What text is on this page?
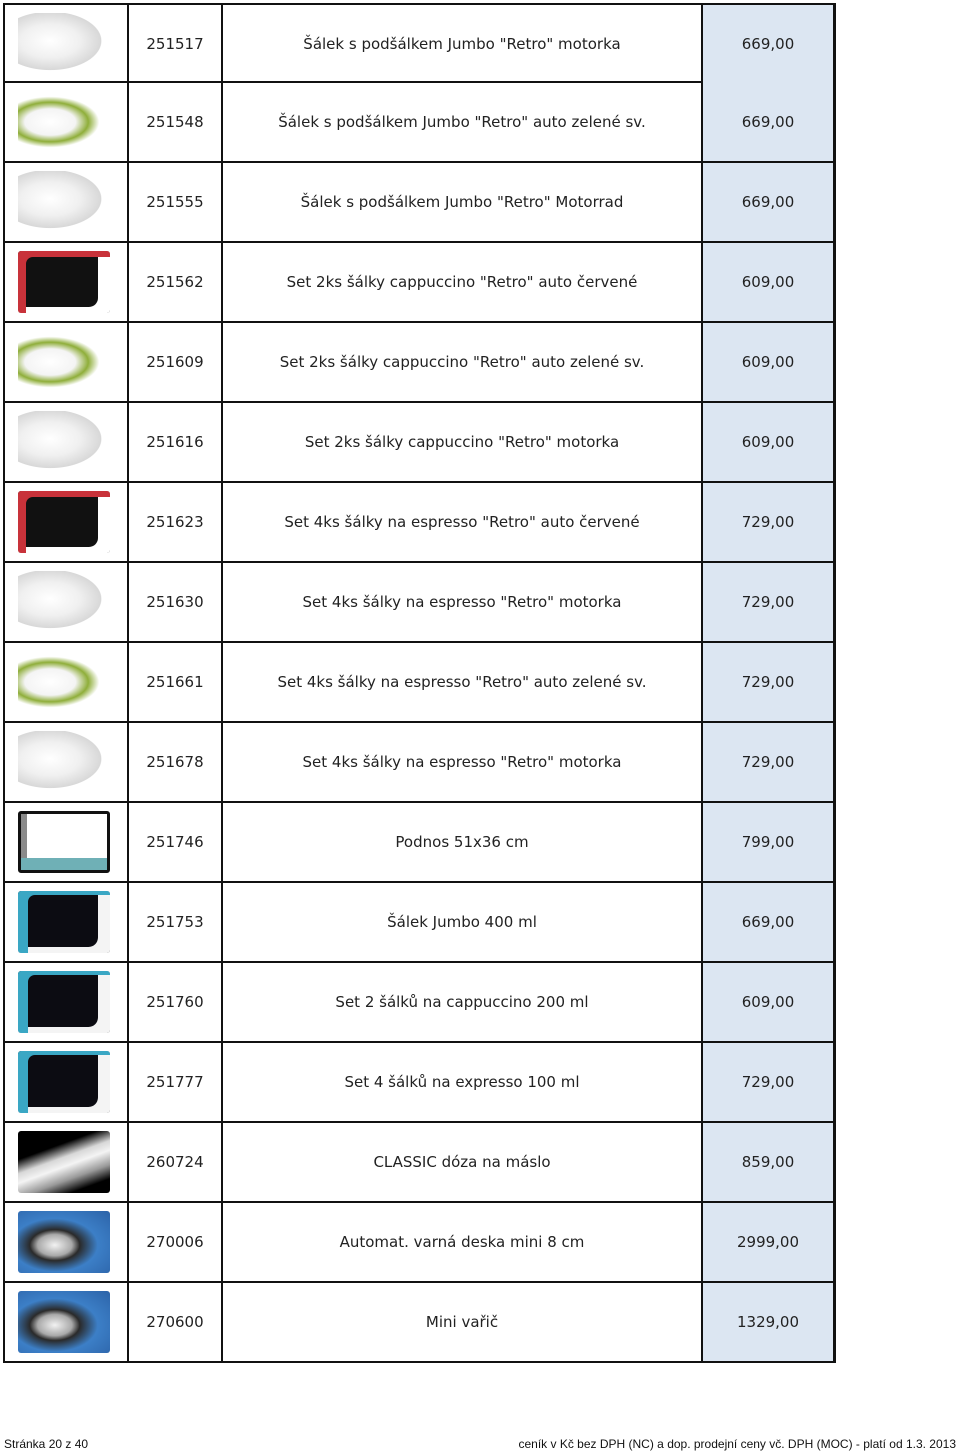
251517	Šálek s podšálkem Jumbo "Retro" motorka	669,00
251548	Šálek s podšálkem Jumbo "Retro" auto zelené sv.	669,00
251555	Šálek s podšálkem Jumbo "Retro" Motorrad	669,00
251562	Set 2ks šálky cappuccino "Retro" auto červené	609,00
251609	Set 2ks šálky cappuccino "Retro" auto zelené sv.	609,00
251616	Set 2ks šálky cappuccino "Retro" motorka	609,00
251623	Set 4ks šálky na espresso "Retro" auto červené	729,00
251630	Set 4ks šálky na espresso "Retro" motorka	729,00
251661	Set 4ks šálky na espresso "Retro" auto zelené sv.	729,00
251678	Set 4ks šálky na espresso "Retro" motorka	729,00
251746	Podnos 51x36 cm	799,00
251753	Šálek Jumbo 400 ml	669,00
251760	Set 2 šálků na cappuccino 200 ml	609,00
251777	Set 4 šálků na expresso 100 ml	729,00
260724	CLASSIC dóza na máslo	859,00
270006	Automat. varná deska mini 8 cm	2999,00
270600	Mini vařič	1329,00
Stránka 20 z 40	ceník v Kč bez DPH (NC) a dop. prodejní ceny vč. DPH (MOC) - platí od 1.3. 2013
